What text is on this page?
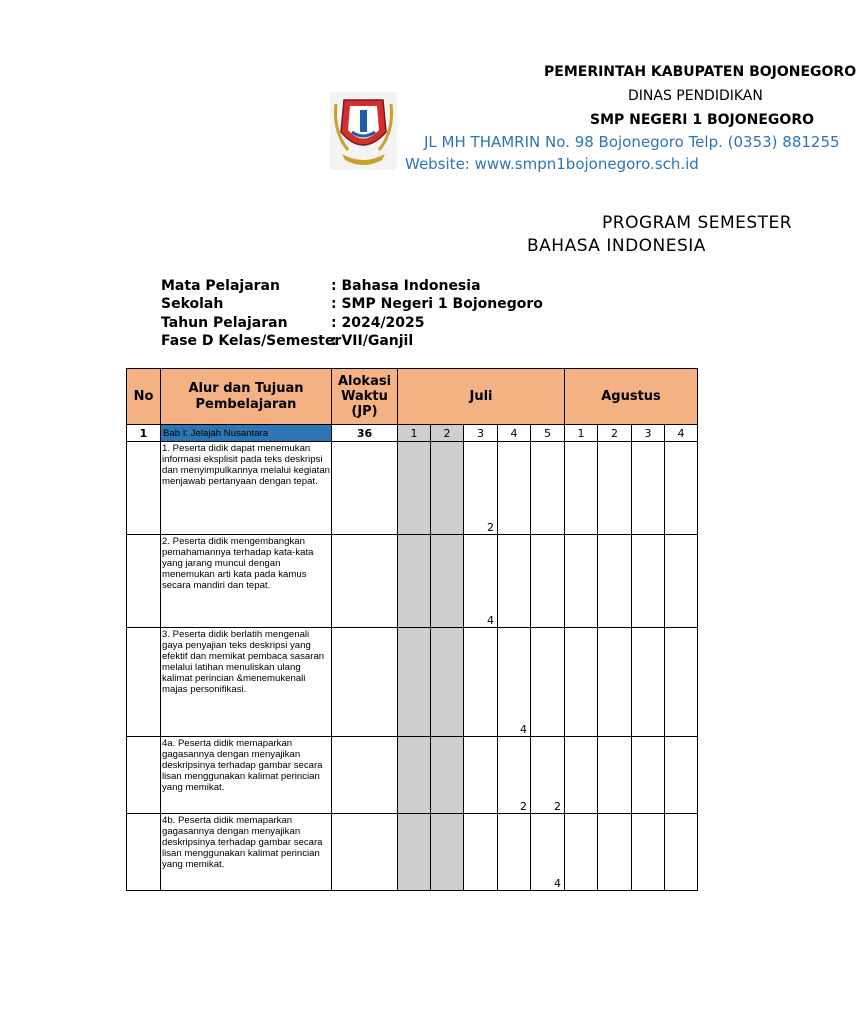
PEMERINTAH KABUPATEN BOJONEGORO
DINAS PENDIDIKAN
SMP NEGERI 1 BOJONEGORO
JL MH THAMRIN No. 98 Bojonegoro Telp. (0353) 881255
Website: www.smpn1bojonegoro.sch.id
PROGRAM SEMESTER
BAHASA INDONESIA
Mata Pelajaran	: Bahasa Indonesia
Sekolah	: SMP Negeri 1 Bojonegoro
Tahun Pelajaran	: 2024/2025
Fase D Kelas/Semester: VII/Ganjil
No	Alur dan Tujuan Pembelajaran	Alokasi Waktu (JP)	Juli					Agustus			
1	Bab I: Jelajah Nusantara	36	1	2	3	4	5	1	2	3	4
	1. Peserta didik dapat menemukan informasi eksplisit pada teks deskripsi dan menyimpulkannya melalui kegiatan menjawab pertanyaan dengan tepat.				2						
	2. Peserta didik mengembangkan pemahamannya terhadap kata-kata yang jarang muncul dengan menemukan arti kata pada kamus secara mandiri dan tepat.				4						
	3. Peserta didik berlatih mengenali gaya penyajian teks deskripsi yang efektif dan memikat pembaca sasaran melalui latihan menuliskan ulang kalimat perincian &menemukenali majas personifikasi.					4					
	4a. Peserta didik memaparkan gagasannya dengan menyajikan deskripsinya terhadap gambar secara lisan menggunakan kalimat perincian yang memikat.					2	2				
	4b. Peserta didik memaparkan gagasannya dengan menyajikan deskripsinya terhadap gambar secara lisan menggunakan kalimat perincian yang memikat.						4				
